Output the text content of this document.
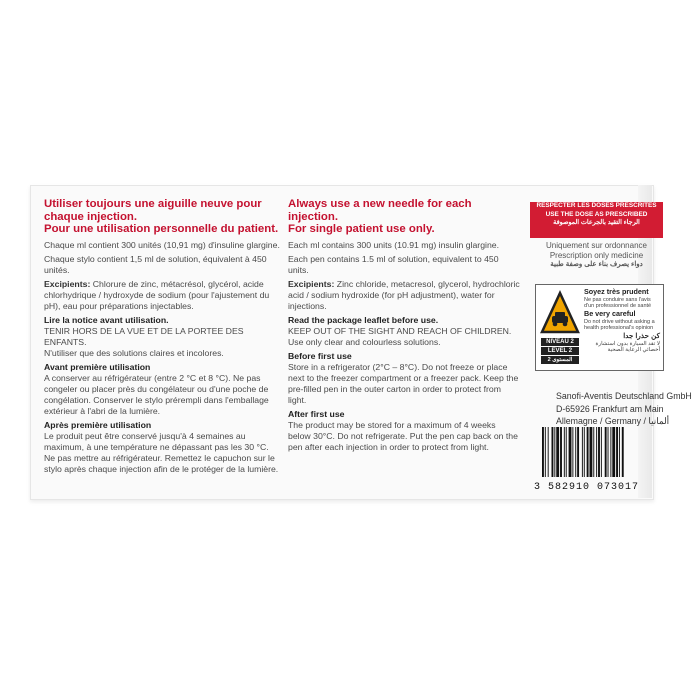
Utiliser toujours une aiguille neuve pour chaque injection.
Pour une utilisation personnelle du patient.

Chaque ml contient 300 unités (10,91 mg) d'insuline glargine.

Chaque stylo contient 1,5 ml de solution, équivalent à 450 unités.

Excipients: Chlorure de zinc, métacrésol, glycérol, acide chlorhydrique / hydroxyde de sodium (pour l'ajustement du pH), eau pour préparations injectables.

Lire la notice avant utilisation.

TENIR HORS DE LA VUE ET DE LA PORTEE DES ENFANTS.

N'utiliser que des solutions claires et incolores.

Avant première utilisation

A conserver au réfrigérateur (entre 2 °C et 8 °C). Ne pas congeler ou placer près du congélateur ou d'une poche de congélation. Conserver le stylo prérempli dans l'emballage extérieur à l'abri de la lumière.

Après première utilisation

Le produit peut être conservé jusqu'à 4 semaines au maximum, à une température ne dépassant pas les 30 °C. Ne pas mettre au réfrigérateur. Remettez le capuchon sur le stylo après chaque injection afin de le protéger de la lumière.

Always use a new needle for each injection.
For single patient use only.

Each ml contains 300 units (10.91 mg) insulin glargine.

Each pen contains 1.5 ml of solution, equivalent to 450 units.

Excipients: Zinc chloride, metacresol, glycerol, hydrochloric acid / sodium hydroxide (for pH adjustment), water for injections.

Read the package leaflet before use.

KEEP OUT OF THE SIGHT AND REACH OF CHILDREN.

Use only clear and colourless solutions.

Before first use

Store in a refrigerator (2°C – 8°C). Do not freeze or place next to the freezer compartment or a freezer pack. Keep the pre-filled pen in the outer carton in order to protect from light.

After first use

The product may be stored for a maximum of 4 weeks below 30°C. Do not refrigerate. Put the pen cap back on the pen after each injection in order to protect from light.

RESPECTER LES DOSES PRESCRITES
USE THE DOSE AS PRESCRIBED
الرجاء التقيد بالجرعات الموصوفة
Uniquement sur ordonnance
Prescription only medicine
دواء يصرف بناء على وصفة طبية
NIVEAU 2
LEVEL 2
المستوى 2
Soyez très prudent
Ne pas conduire sans l'avis d'un professionnel de santé
Be very careful
Do not drive without asking a health professional's opinion
كن حذرا جدا
لا تقد السيارة بدون استشارة أخصائي الرعاية الصحية
Sanofi-Aventis Deutschland GmbH
D-65926 Frankfurt am Main
Allemagne / Germany / ألمانيا
3 582910 073017
